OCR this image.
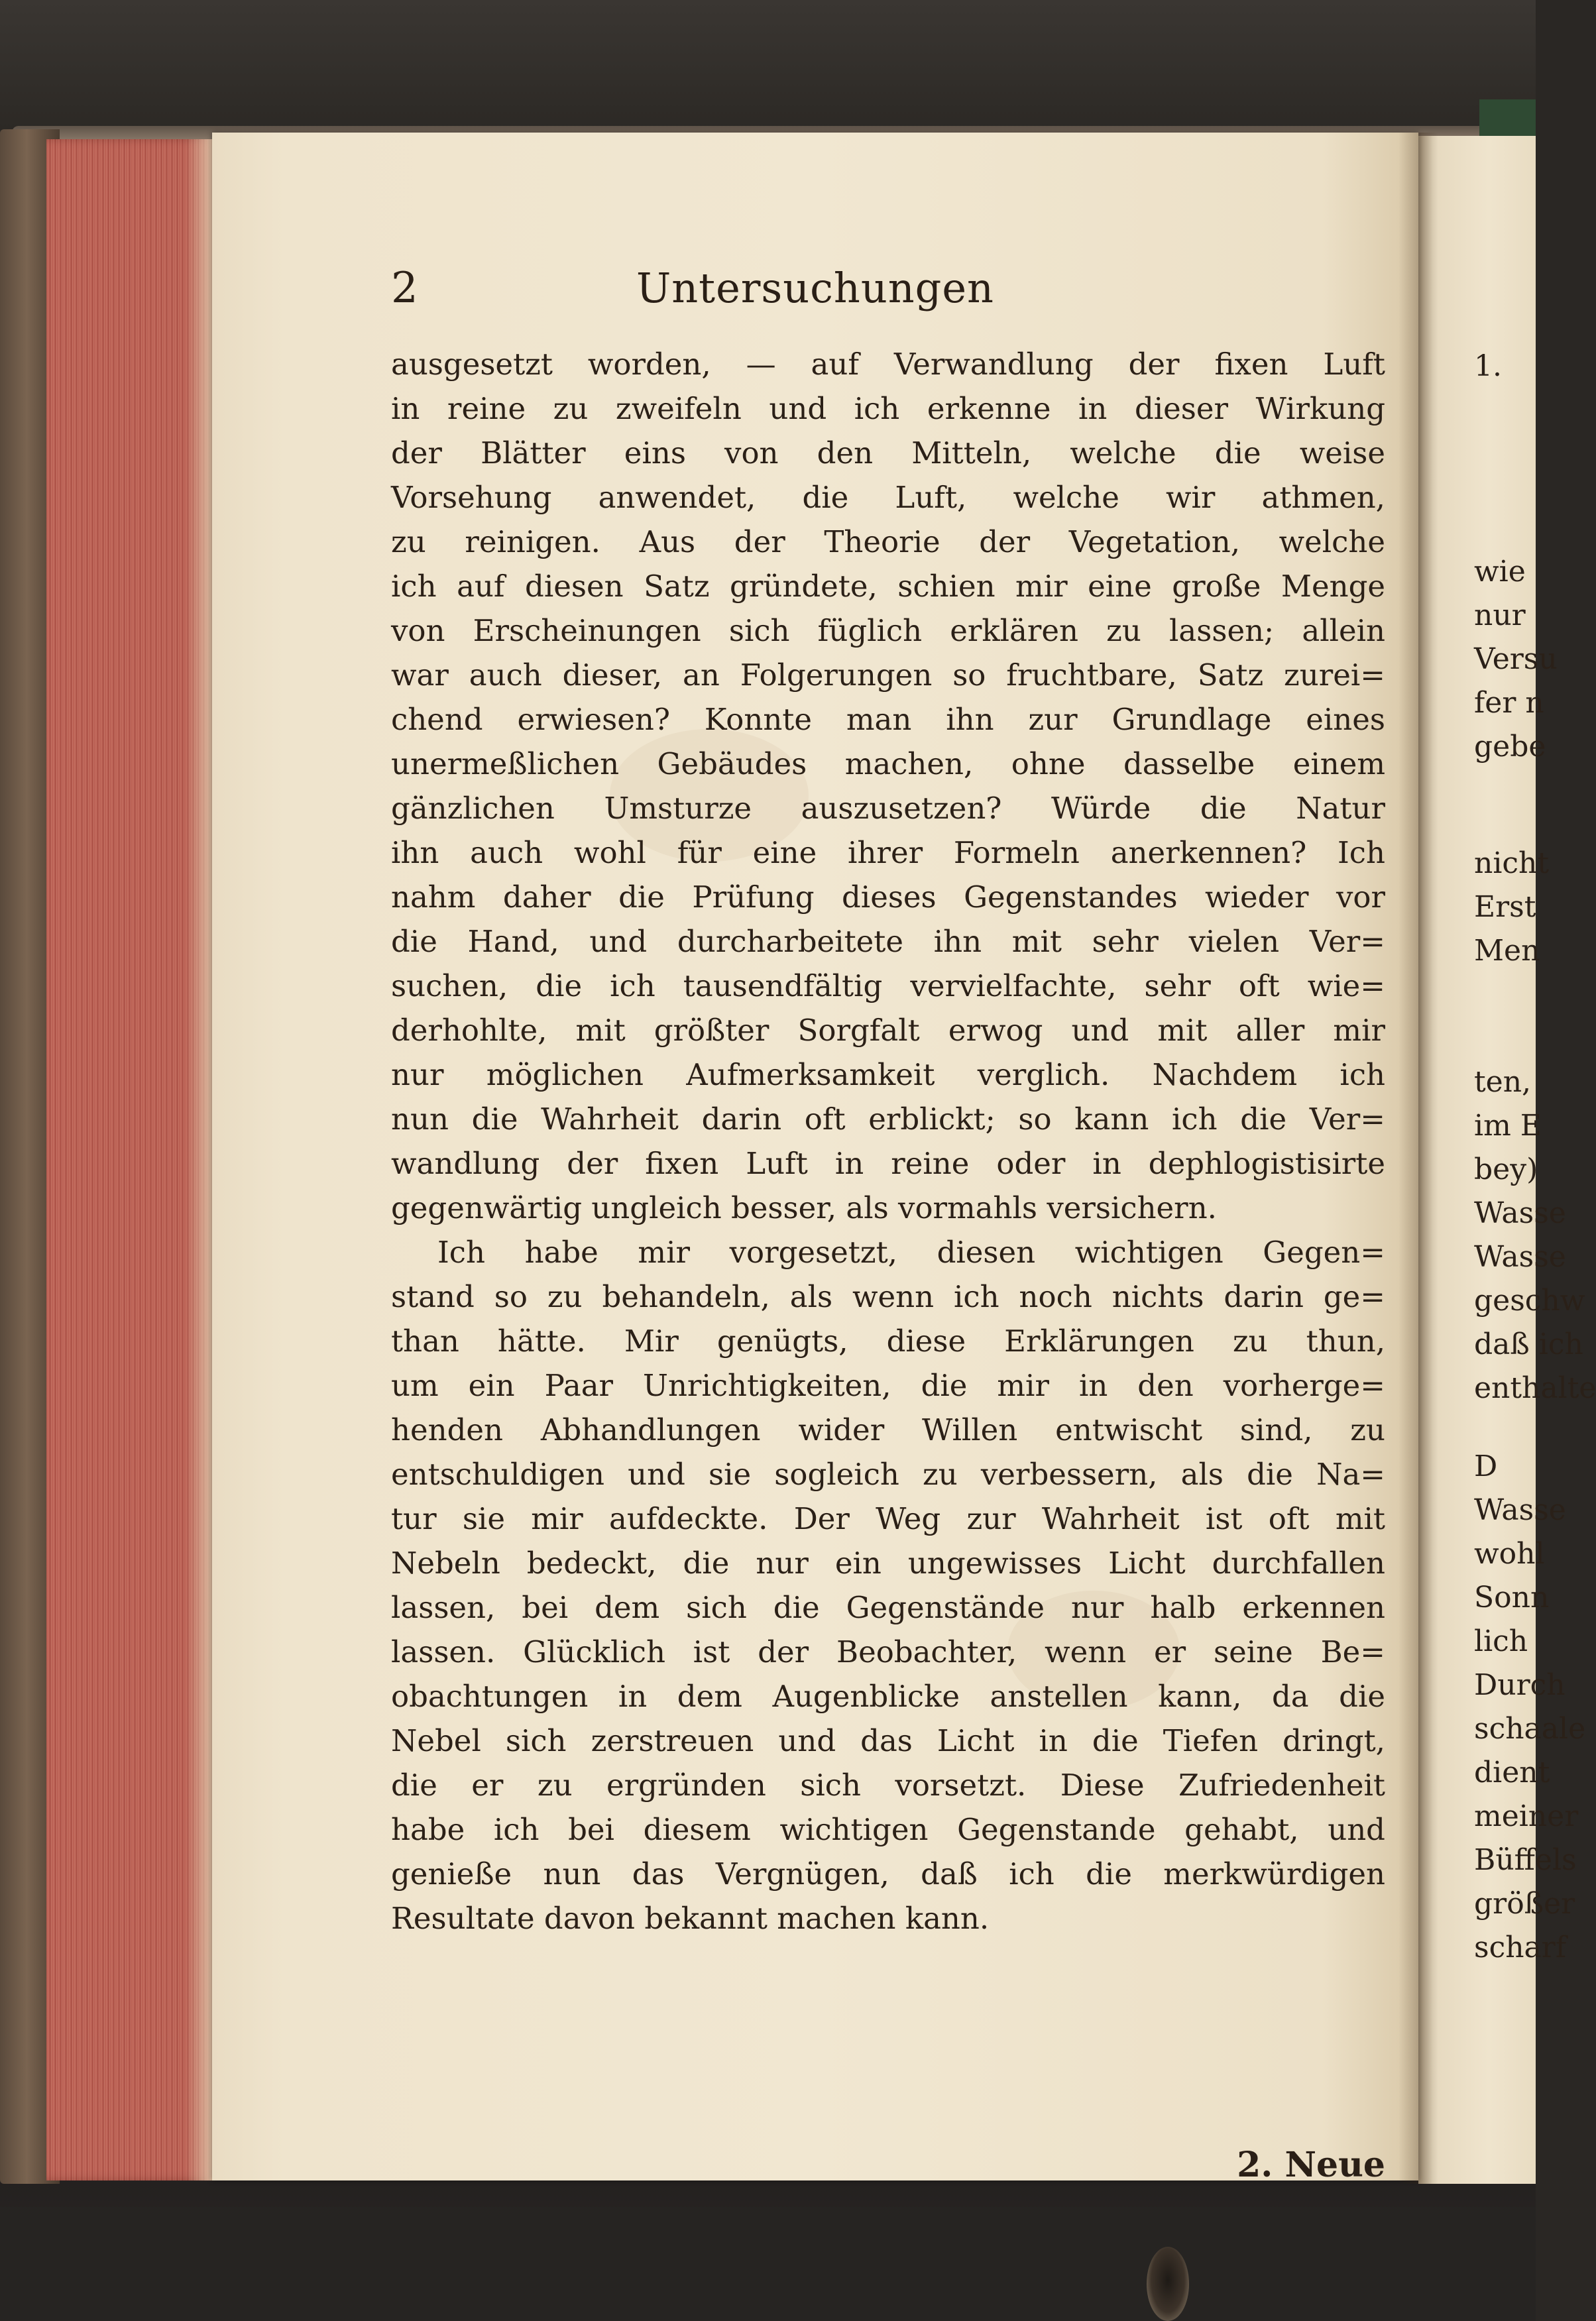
2	Untersuchungen
ausgesetzt worden, — auf Verwandlung der fixen Luft
in reine zu zweifeln und ich erkenne in dieser Wirkung
der Blätter eins von den Mitteln, welche die weise
Vorsehung anwendet, die Luft, welche wir athmen,
zu reinigen. Aus der Theorie der Vegetation, welche
ich auf diesen Satz gründete, schien mir eine große Menge
von Erscheinungen sich füglich erklären zu lassen; allein
war auch dieser, an Folgerungen so fruchtbare, Satz zurei=
chend erwiesen? Konnte man ihn zur Grundlage eines
unermeßlichen Gebäudes machen, ohne dasselbe einem
gänzlichen Umsturze auszusetzen? Würde die Natur
ihn auch wohl für eine ihrer Formeln anerkennen? Ich
nahm daher die Prüfung dieses Gegenstandes wieder vor
die Hand, und durcharbeitete ihn mit sehr vielen Ver=
suchen, die ich tausendfältig vervielfachte, sehr oft wie=
derhohlte, mit größter Sorgfalt erwog und mit aller mir
nur möglichen Aufmerksamkeit verglich. Nachdem ich
nun die Wahrheit darin oft erblickt; so kann ich die Ver=
wandlung der fixen Luft in reine oder in dephlogistisirte
gegenwärtig ungleich besser, als vormahls versichern.
Ich habe mir vorgesetzt, diesen wichtigen Gegen=
stand so zu behandeln, als wenn ich noch nichts darin ge=
than hätte. Mir genügts, diese Erklärungen zu thun,
um ein Paar Unrichtigkeiten, die mir in den vorherge=
henden Abhandlungen wider Willen entwischt sind, zu
entschuldigen und sie sogleich zu verbessern, als die Na=
tur sie mir aufdeckte. Der Weg zur Wahrheit ist oft mit
Nebeln bedeckt, die nur ein ungewisses Licht durchfallen
lassen, bei dem sich die Gegenstände nur halb erkennen
lassen. Glücklich ist der Beobachter, wenn er seine Be=
obachtungen in dem Augenblicke anstellen kann, da die
Nebel sich zerstreuen und das Licht in die Tiefen dringt,
die er zu ergründen sich vorsetzt. Diese Zufriedenheit
habe ich bei diesem wichtigen Gegenstande gehabt, und
genieße nun das Vergnügen, daß ich die merkwürdigen
Resultate davon bekannt machen kann.
2. Neue
1.
wie
nur
Versu
fer n
gebe
nicht
Erst
Men
ten,
im E
bey)
Wasse
Wasse
geschw
daß ich
enthalte
D
Wasse
wohl
Sonn
lich
Durch
schaale
dient
meiner
Büffels
größer
scharf
